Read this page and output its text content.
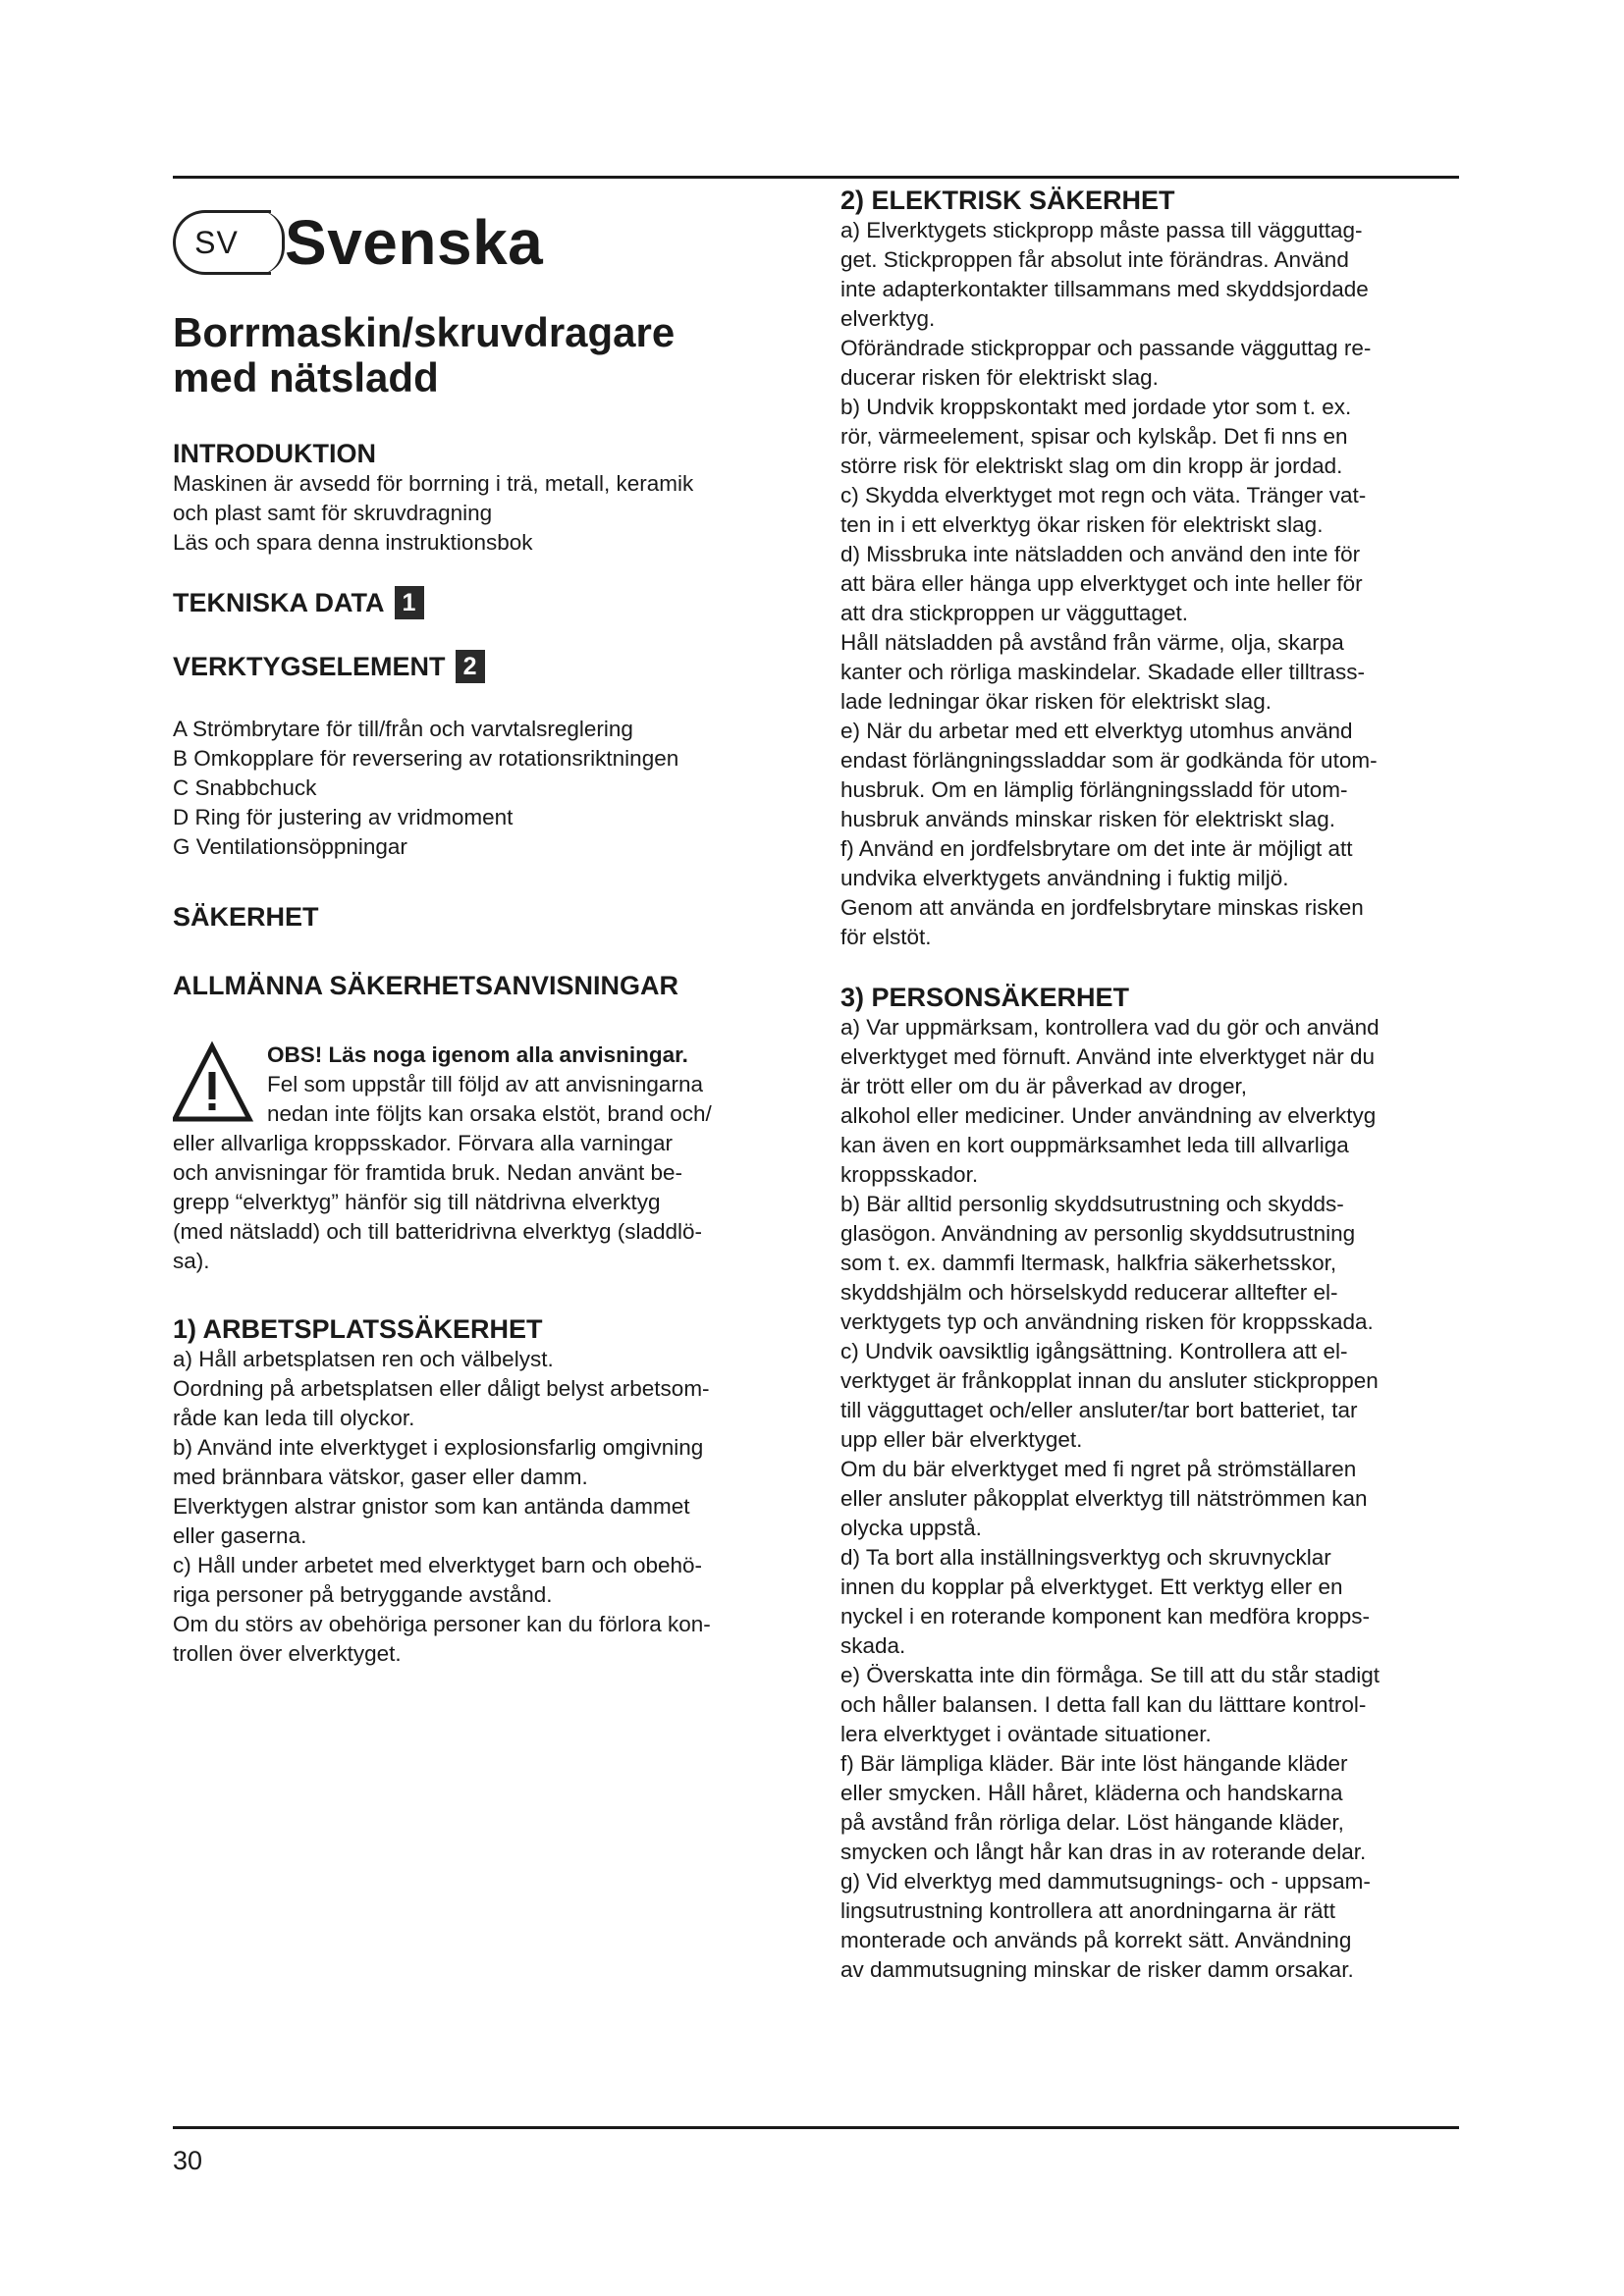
SV Svenska
Borrmaskin/skruvdragare
med nätsladd
INTRODUKTION

Maskinen är avsedd för borrning i trä, metall, keramik

och plast samt för skruvdragning

Läs och spara denna instruktionsbok

TEKNISKA DATA 1
VERKTYGSELEMENT 2

A Strömbrytare för till/från och varvtalsreglering

B Omkopplare för reversering av rotationsriktningen

C Snabbchuck

D Ring för justering av vridmoment

G Ventilationsöppningar

SÄKERHET
ALLMÄNNA SÄKERHETSANVISNINGAR

OBS! Läs noga igenom alla anvisningar.

Fel som uppstår till följd av att anvisningarna

nedan inte följts kan orsaka elstöt, brand och/

eller allvarliga kroppsskador. Förvara alla varningar

och anvisningar för framtida bruk. Nedan använt be-

grepp “elverktyg” hänför sig till nätdrivna elverktyg

(med nätsladd) och till batteridrivna elverktyg (sladdlö-

sa).

1) ARBETSPLATSSÄKERHET

a) Håll arbetsplatsen ren och välbelyst.

Oordning på arbetsplatsen eller dåligt belyst arbetsom-

råde kan leda till olyckor.

b) Använd inte elverktyget i explosionsfarlig omgivning

med brännbara vätskor, gaser eller damm.

Elverktygen alstrar gnistor som kan antända dammet

eller gaserna.

c) Håll under arbetet med elverktyget barn och obehö-

riga personer på betryggande avstånd.

Om du störs av obehöriga personer kan du förlora kon-

trollen över elverktyget.

2) ELEKTRISK SÄKERHET

a) Elverktygets stickpropp måste passa till vägguttag-

get. Stickproppen får absolut inte förändras. Använd

inte adapterkontakter tillsammans med skyddsjordade

elverktyg.

Oförändrade stickproppar och passande vägguttag re-

ducerar risken för elektriskt slag.

b) Undvik kroppskontakt med jordade ytor som t. ex.

rör, värmeelement, spisar och kylskåp. Det fi nns en

större risk för elektriskt slag om din kropp är jordad.

c) Skydda elverktyget mot regn och väta. Tränger vat-

ten in i ett elverktyg ökar risken för elektriskt slag.

d) Missbruka inte nätsladden och använd den inte för

att bära eller hänga upp elverktyget och inte heller för

att dra stickproppen ur vägguttaget.

Håll nätsladden på avstånd från värme, olja, skarpa

kanter och rörliga maskindelar. Skadade eller tilltrass-

lade ledningar ökar risken för elektriskt slag.

e) När du arbetar med ett elverktyg utomhus använd

endast förlängningssladdar som är godkända för utom-

husbruk. Om en lämplig förlängningssladd för utom-

husbruk används minskar risken för elektriskt slag.

f) Använd en jordfelsbrytare om det inte är möjligt att

undvika elverktygets användning i fuktig miljö.

Genom att använda en jordfelsbrytare minskas risken

för elstöt.

3) PERSONSÄKERHET

a) Var uppmärksam, kontrollera vad du gör och använd

elverktyget med förnuft. Använd inte elverktyget när du

är trött eller om du är påverkad av droger,

alkohol eller mediciner. Under användning av elverktyg

kan även en kort ouppmärksamhet leda till allvarliga

kroppsskador.

b) Bär alltid personlig skyddsutrustning och skydds-

glasögon. Användning av personlig skyddsutrustning

som t. ex. dammfi ltermask, halkfria säkerhetsskor,

skyddshjälm och hörselskydd reducerar alltefter el-

verktygets typ och användning risken för kroppsskada.

c) Undvik oavsiktlig igångsättning. Kontrollera att el-

verktyget är frånkopplat innan du ansluter stickproppen

till vägguttaget och/eller ansluter/tar bort batteriet, tar

upp eller bär elverktyget.

Om du bär elverktyget med fi ngret på strömställaren

eller ansluter påkopplat elverktyg till nätströmmen kan

olycka uppstå.

d) Ta bort alla inställningsverktyg och skruvnycklar

innen du kopplar på elverktyget. Ett verktyg eller en

nyckel i en roterande komponent kan medföra kropps-

skada.

e) Överskatta inte din förmåga. Se till att du står stadigt

och håller balansen. I detta fall kan du lätttare kontrol-

lera elverktyget i oväntade situationer.

f) Bär lämpliga kläder. Bär inte löst hängande kläder

eller smycken. Håll håret, kläderna och handskarna

på avstånd från rörliga delar. Löst hängande kläder,

smycken och långt hår kan dras in av roterande delar.

g) Vid elverktyg med dammutsugnings- och - uppsam-

lingsutrustning kontrollera att anordningarna är rätt

monterade och används på korrekt sätt. Användning

av dammutsugning minskar de risker damm orsakar.

30
